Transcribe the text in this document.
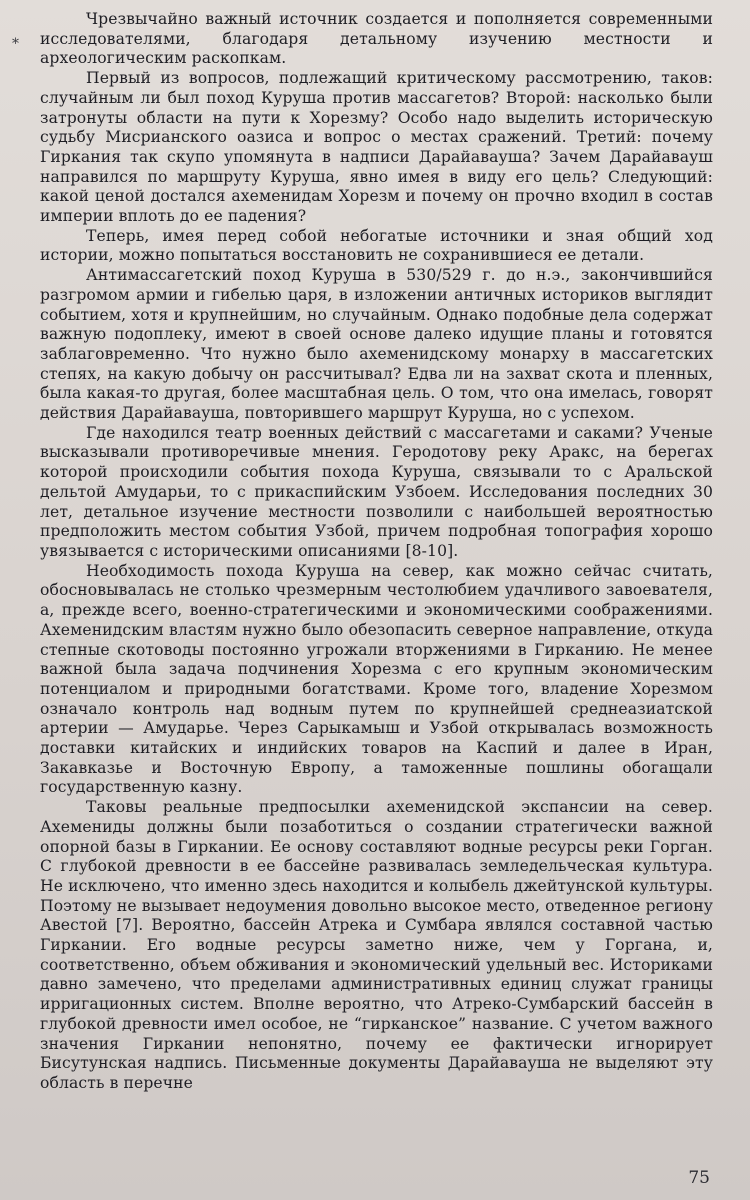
*

Чрезвычайно важный источник создается и пополняется современными исследователями, благодаря детальному изучению местности и археологическим раскопкам.

Первый из вопросов, подлежащий критическому рассмотрению, таков: случайным ли был поход Куруша против массагетов? Второй: насколько были затронуты области на пути к Хорезму? Особо надо выделить историческую судьбу Мисрианского оазиса и вопрос о местах сражений. Третий: почему Гиркания так скупо упомянута в надписи Дарайавауша? Зачем Дарайавауш направился по маршруту Куруша, явно имея в виду его цель? Следующий: какой ценой достался ахеменидам Хорезм и почему он прочно входил в состав империи вплоть до ее падения?

Теперь, имея перед собой небогатые источники и зная общий ход истории, можно попытаться восстановить не сохранившиеся ее детали.

Антимассагетский поход Куруша в 530/529 г. до н.э., закончившийся разгромом армии и гибелью царя, в изложении античных историков выглядит событием, хотя и крупнейшим, но случайным. Однако подобные дела содержат важную подоплеку, имеют в своей основе далеко идущие планы и готовятся заблаговременно. Что нужно было ахеменидскому монарху в массагетских степях, на какую добычу он рассчитывал? Едва ли на захват скота и пленных, была какая-то другая, более масштабная цель. О том, что она имелась, говорят действия Дарайавауша, повторившего маршрут Куруша, но с успехом.

Где находился театр военных действий с массагетами и саками? Ученые высказывали противоречивые мнения. Геродотову реку Аракс, на берегах которой происходили события похода Куруша, связывали то с Аральской дельтой Амударьи, то с прикаспийским Узбоем. Исследования последних 30 лет, детальное изучение местности позволили с наибольшей вероятностью предположить местом события Узбой, причем подробная топография хорошо увязывается с историческими описаниями [8-10].

Необходимость похода Куруша на север, как можно сейчас считать, обосновывалась не столько чрезмерным честолюбием удачливого завоевателя, а, прежде всего, военно-стратегическими и экономическими соображениями. Ахеменидским властям нужно было обезопасить северное направление, откуда степные скотоводы постоянно угрожали вторжениями в Гирканию. Не менее важной была задача подчинения Хорезма с его крупным экономическим потенциалом и природными богатствами. Кроме того, владение Хорезмом означало контроль над водным путем по крупнейшей среднеазиатской артерии — Амударье. Через Сарыкамыш и Узбой открывалась возможность доставки китайских и индийских товаров на Каспий и далее в Иран, Закавказье и Восточную Европу, а таможенные пошлины обогащали государственную казну.

Таковы реальные предпосылки ахеменидской экспансии на север. Ахемениды должны были позаботиться о создании стратегически важной опорной базы в Гиркании. Ее основу составляют водные ресурсы реки Горган. С глубокой древности в ее бассейне развивалась земледельческая культура. Не исключено, что именно здесь находится и колыбель джейтунской культуры. Поэтому не вызывает недоумения довольно высокое место, отведенное региону Авестой [7]. Вероятно, бассейн Атрека и Сумбара являлся составной частью Гиркании. Его водные ресурсы заметно ниже, чем у Горгана, и, соответственно, объем обживания и экономический удельный вес. Историками давно замечено, что пределами административных единиц служат границы ирригационных систем. Вполне вероятно, что Атреко-Сумбарский бассейн в глубокой древности имел особое, не “гирканское” название. С учетом важного значения Гиркании непонятно, почему ее фактически игнорирует Бисутунская надпись. Письменные документы Дарайавауша не выделяют эту область в перечне

75
